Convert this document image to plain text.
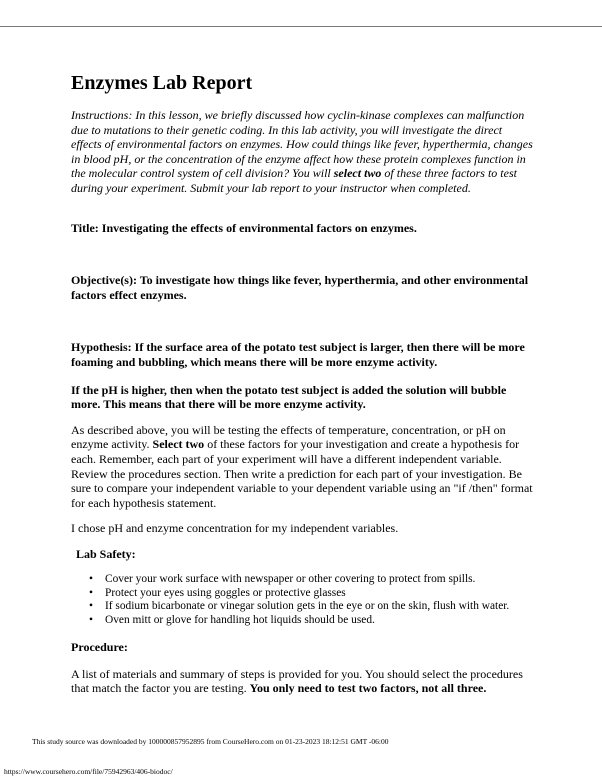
Enzymes Lab Report

Instructions: In this lesson, we briefly discussed how cyclin-kinase complexes can malfunction due to mutations to their genetic coding. In this lab activity, you will investigate the direct effects of environmental factors on enzymes. How could things like fever, hyperthermia, changes in blood pH, or the concentration of the enzyme affect how these protein complexes function in the molecular control system of cell division? You will select two of these three factors to test during your experiment. Submit your lab report to your instructor when completed.

Title: Investigating the effects of environmental factors on enzymes.

Objective(s): To investigate how things like fever, hyperthermia, and other environmental factors effect enzymes.

Hypothesis: If the surface area of the potato test subject is larger, then there will be more foaming and bubbling, which means there will be more enzyme activity.

If the pH is higher, then when the potato test subject is added the solution will bubble more. This means that there will be more enzyme activity.

As described above, you will be testing the effects of temperature, concentration, or pH on enzyme activity. Select two of these factors for your investigation and create a hypothesis for each. Remember, each part of your experiment will have a different independent variable. Review the procedures section. Then write a prediction for each part of your investigation. Be sure to compare your independent variable to your dependent variable using an "if /then" format for each hypothesis statement.

I chose pH and enzyme concentration for my independent variables.

Lab Safety:

• Cover your work surface with newspaper or other covering to protect from spills.
• Protect your eyes using goggles or protective glasses
• If sodium bicarbonate or vinegar solution gets in the eye or on the skin, flush with water.
• Oven mitt or glove for handling hot liquids should be used.

Procedure:

A list of materials and summary of steps is provided for you. You should select the procedures that match the factor you are testing. You only need to test two factors, not all three.

This study source was downloaded by 100000857952895 from CourseHero.com on 01-23-2023 18:12:51 GMT -06:00
https://www.coursehero.com/file/75942963/406-biodoc/
